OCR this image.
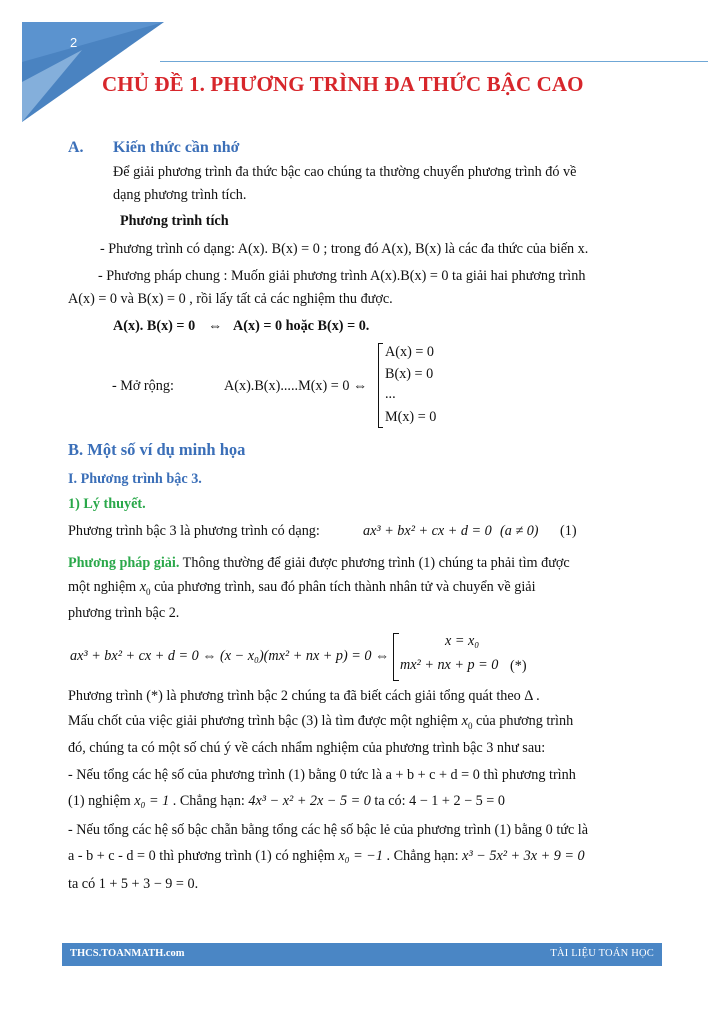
2
CHỦ ĐỀ 1. PHƯƠNG TRÌNH ĐA THỨC BẬC CAO
A. Kiến thức cần nhớ
Để giải phương trình đa thức bậc cao chúng ta thường chuyển phương trình đó về
dạng phương trình tích.
Phương trình tích
- Phương trình có dạng: A(x). B(x) = 0 ; trong đó A(x), B(x) là các đa thức của biến x.
- Phương pháp chung : Muốn giải phương trình A(x).B(x) = 0 ta giải hai phương trình
A(x) = 0 và B(x) = 0 , rồi lấy tất cả các nghiệm thu được.
A(x). B(x) = 0 ⇔ A(x) = 0 hoặc B(x) = 0.
- Mở rộng:	A(x).B(x).....M(x) = 0 ⇔
A(x) = 0
B(x) = 0
...
M(x) = 0
B. Một số ví dụ minh họa
I. Phương trình bậc 3.
1) Lý thuyết.
Phương trình bậc 3 là phương trình có dạng:	ax³ + bx² + cx + d = 0 (a ≠ 0) (1)
Phương pháp giải. Thông thường để giải được phương trình (1) chúng ta phải tìm được
một nghiệm $x_0$ của phương trình, sau đó phân tích thành nhân tử và chuyển về giải
phương trình bậc 2.
ax³ + bx² + cx + d = 0 ⇔ (x − x₀)(mx² + nx + p) = 0 ⇔
x = x₀
mx² + nx + p = 0 (*)
Phương trình (*) là phương trình bậc 2 chúng ta đã biết cách giải tổng quát theo Δ .
Mấu chốt của việc giải phương trình bậc (3) là tìm được một nghiệm $x_0$ của phương trình
đó, chúng ta có một số chú ý về cách nhẩm nghiệm của phương trình bậc 3 như sau:
- Nếu tổng các hệ số của phương trình (1) bằng 0 tức là a + b + c + d = 0 thì phương trình
(1) nghiệm x₀ = 1 . Chẳng hạn: 4x³ − x² + 2x − 5 = 0 ta có: 4 − 1 + 2 − 5 = 0
- Nếu tổng các hệ số bậc chẵn bằng tổng các hệ số bậc lẻ của phương trình (1) bằng 0 tức là
a - b + c - d = 0 thì phương trình (1) có nghiệm x₀ = −1 . Chẳng hạn: x³ − 5x² + 3x + 9 = 0
ta có 1 + 5 + 3 − 9 = 0.
THCS.TOANMATH.com	TÀI LIỆU TOÁN HỌC
